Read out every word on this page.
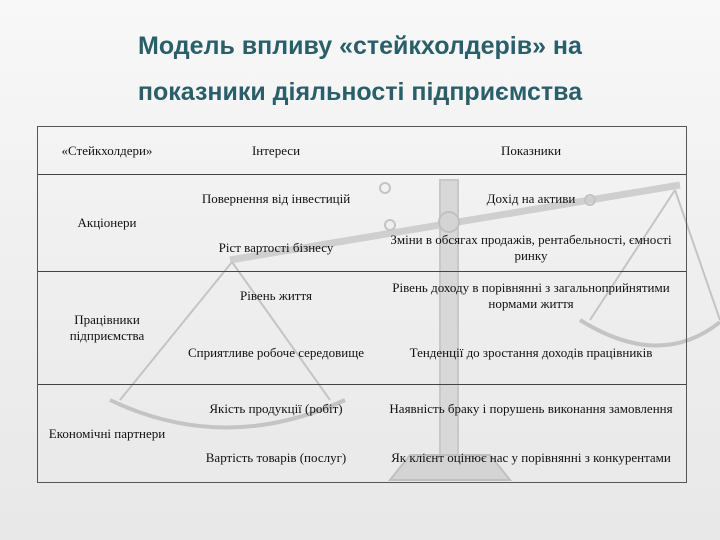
Модель впливу «стейкхолдерів» на
показники діяльності підприємства
«Стейкхолдери»	Інтереси	Показники
Акціонери
Працівники підприємства
Економічні партнери
Повернення від інвестицій
Ріст вартості бізнесу
Рівень життя
Сприятливе робоче середовище
Якість продукції (робіт)
Вартість товарів (послуг)
Дохід на активи
Зміни в обсягах продажів, рентабельності, ємності ринку
Рівень доходу в порівнянні з загальноприйнятими нормами життя
Тенденції до зростання доходів працівників
Наявність браку і порушень виконання замовлення
Як клієнт оцінює нас у порівнянні з конкурентами
